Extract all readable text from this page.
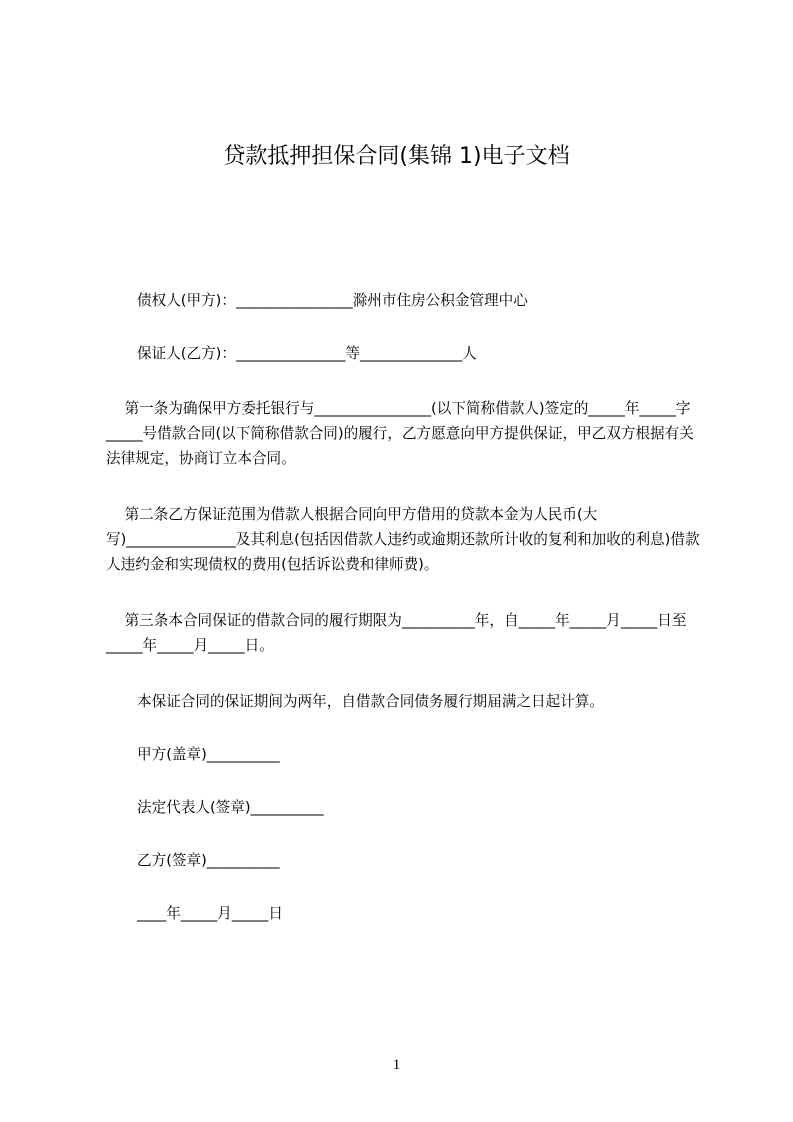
贷款抵押担保合同(集锦 1)电子文档

债权人(甲方)：________________滁州市住房公积金管理中心

保证人(乙方)：_______________等______________人

第一条为确保甲方委托银行与________________(以下简称借款人)签定的_____年_____字_____号借款合同(以下简称借款合同)的履行，乙方愿意向甲方提供保证，甲乙双方根据有关法律规定，协商订立本合同。

第二条乙方保证范围为借款人根据合同向甲方借用的贷款本金为人民币(大写)_______________及其利息(包括因借款人违约或逾期还款所计收的复利和加收的利息)借款人违约金和实现债权的费用(包括诉讼费和律师费)。

第三条本合同保证的借款合同的履行期限为__________年，自_____年_____月_____日至_____年_____月_____日。

本保证合同的保证期间为两年，自借款合同债务履行期届满之日起计算。

甲方(盖章)__________

法定代表人(签章)__________

乙方(签章)__________

____年_____月_____日

1
